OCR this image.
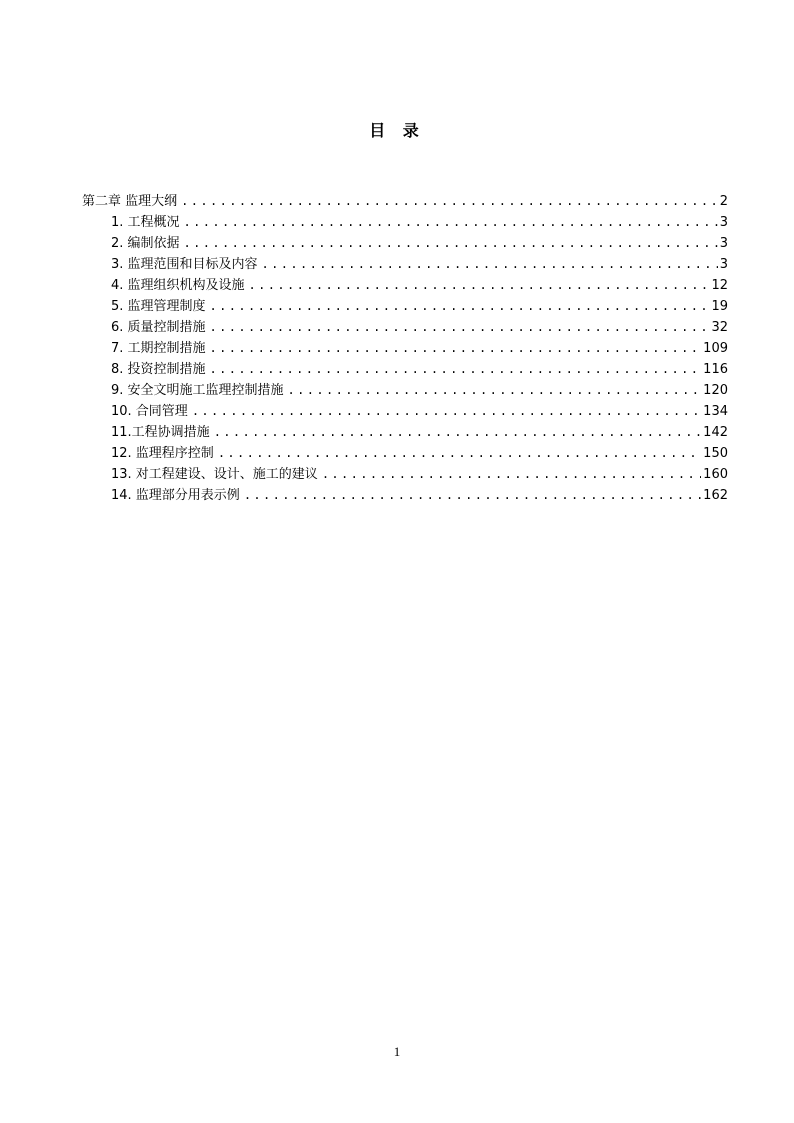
目 录
第二章 监理大纲 .....	2
1. 工程概况 .....	3
2. 编制依据 .....	3
3. 监理范围和目标及内容 .....	3
4. 监理组织机构及设施 .....	12
5. 监理管理制度 .....	19
6. 质量控制措施 .....	32
7. 工期控制措施 .....	109
8. 投资控制措施 .....	116
9. 安全文明施工监理控制措施 .....	120
10. 合同管理 .....	134
11.工程协调措施 .....	142
12. 监理程序控制 .....	150
13. 对工程建设、设计、施工的建议 .....	160
14. 监理部分用表示例 .....	162
1
